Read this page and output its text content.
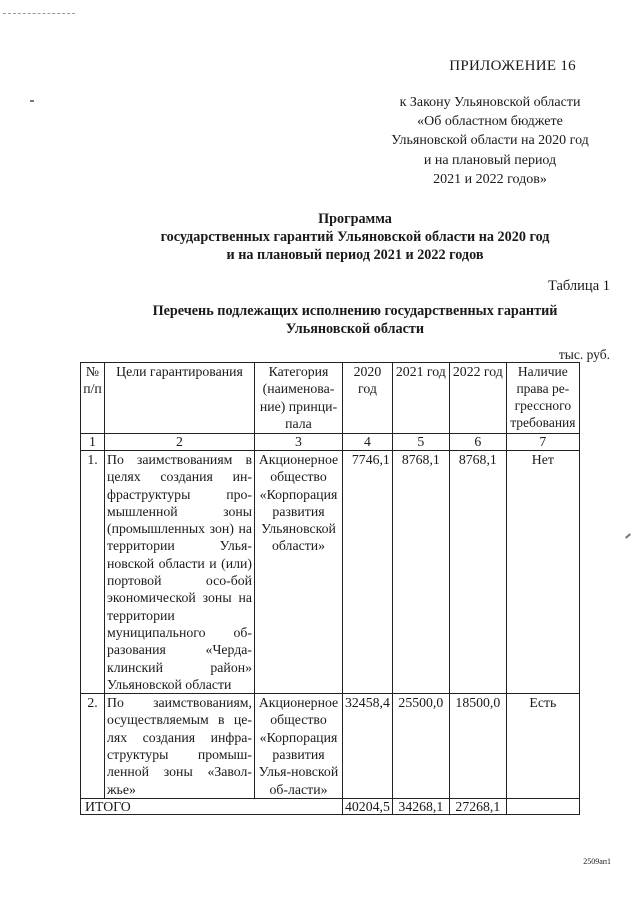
ПРИЛОЖЕНИЕ 16
к Закону Ульяновской области
«Об областном бюджете
Ульяновской области на 2020 год
и на плановый период
2021 и 2022 годов»
Программа
государственных гарантий Ульяновской области на 2020 год
и на плановый период 2021 и 2022 годов
Таблица 1
Перечень подлежащих исполнению государственных гарантий
Ульяновской области
тыс. руб.
№ п/п	Цели гарантирования	Категория (наименова-ние) принци-пала	2020 год	2021 год	2022 год	Наличие права ре-грессного требования
1	2	3	4	5	6	7
1.	По заимствованиям в целях создания ин-фраструктуры про-мышленной зоны (промышленных зон) на территории Улья-новской области и (или) портовой осо-бой экономической зоны на территории муниципального об-разования «Черда-клинский район» Ульяновской области	Акционерное общество «Корпорация развития Ульяновской области»	7746,1	8768,1	8768,1	Нет
2.	По заимствованиям, осуществляемым в це-лях создания инфра-структуры промыш-ленной зоны «Завол-жье»	Акционерное общество «Корпорация развития Улья-новской об-ласти»	32458,4	25500,0	18500,0	Есть
ИТОГО			40204,5	34268,1	27268,1	
2509ап1
